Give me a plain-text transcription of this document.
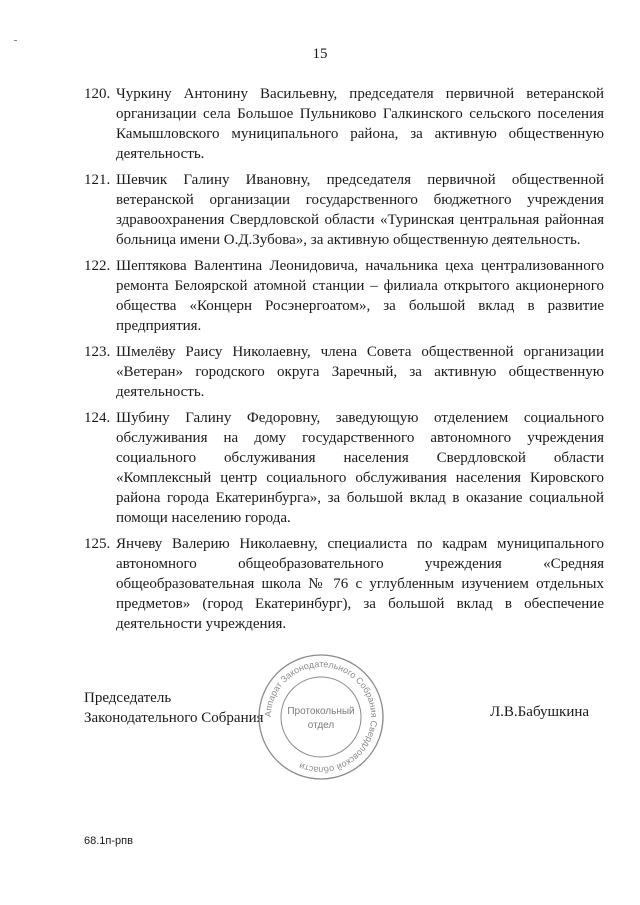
15
120. Чуркину Антонину Васильевну, председателя первичной ветеранской организации села Большое Пульниково Галкинского сельского поселения Камышловского муниципального района, за активную общественную деятельность.
121. Шевчик Галину Ивановну, председателя первичной общественной ветеранской организации государственного бюджетного учреждения здравоохранения Свердловской области «Туринская центральная районная больница имени О.Д.Зубова», за активную общественную деятельность.
122. Шептякова Валентина Леонидовича, начальника цеха централизованного ремонта Белоярской атомной станции – филиала открытого акционерного общества «Концерн Росэнергоатом», за большой вклад в развитие предприятия.
123. Шмелёву Раису Николаевну, члена Совета общественной организации «Ветеран» городского округа Заречный, за активную общественную деятельность.
124. Шубину Галину Федоровну, заведующую отделением социального обслуживания на дому государственного автономного учреждения социального обслуживания населения Свердловской области «Комплексный центр социального обслуживания населения Кировского района города Екатеринбурга», за большой вклад в оказание социальной помощи населению города.
125. Янчеву Валерию Николаевну, специалиста по кадрам муниципального автономного общеобразовательного учреждения «Средняя общеобразовательная школа № 76 с углубленным изучением отдельных предметов» (город Екатеринбург), за большой вклад в обеспечение деятельности учреждения.
Председатель
Законодательного Собрания Аппарат Законодательного Собрания Свердловской области
Протокольный
отдел
Л.В.Бабушкина
68.1п-рпв
